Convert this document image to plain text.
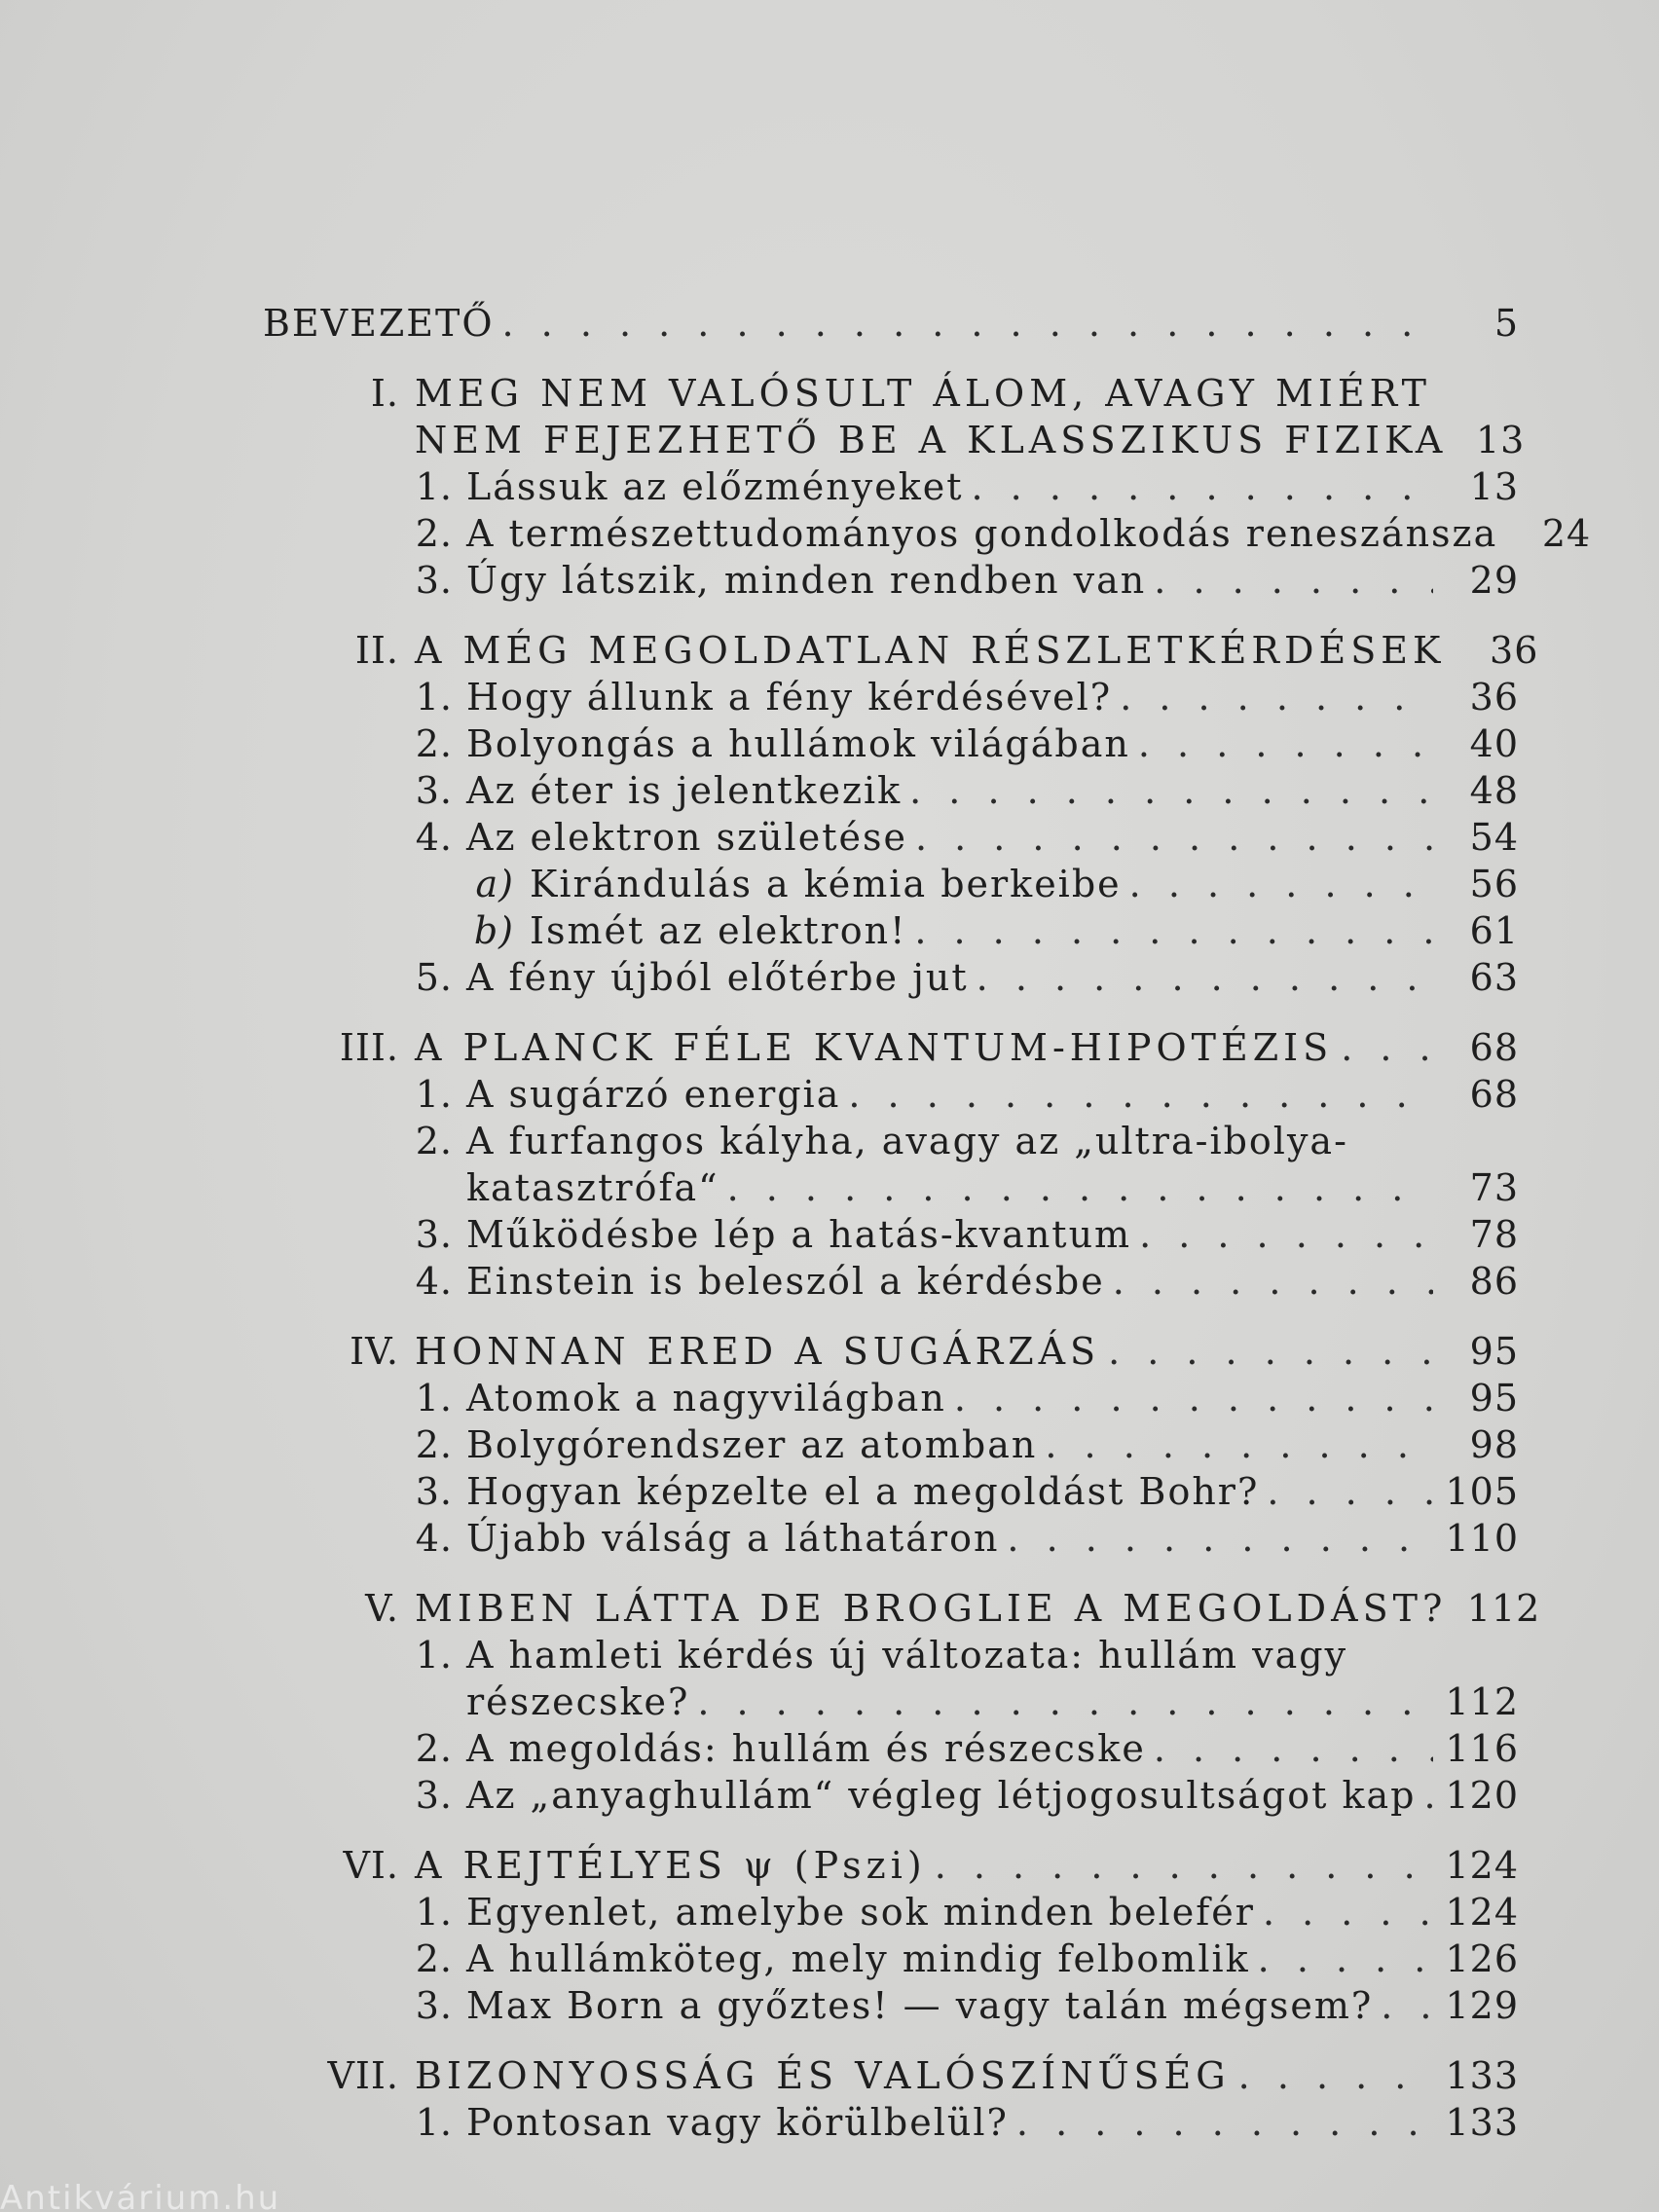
BEVEZETŐ . . .	5
I. MEG NEM VALÓSULT ÁLOM, AVAGY MIÉRT
NEM FEJEZHETŐ BE A KLASSZIKUS FIZIKA 13
1. Lássuk az előzményeket . . .	13
2. A természettudományos gondolkodás reneszánsza	24
3. Úgy látszik, minden rendben van . . .	29
II. A MÉG MEGOLDATLAN RÉSZLETKÉRDÉSEK	36
1. Hogy állunk a fény kérdésével? . . .	36
2. Bolyongás a hullámok világában . . .	40
3. Az éter is jelentkezik . . .	48
4. Az elektron születése . . .	54
a) Kirándulás a kémia berkeibe . . .	56
b) Ismét az elektron! . . .	61
5. A fény újból előtérbe jut . . .	63
III. A PLANCK FÉLE KVANTUM-HIPOTÉZIS . . .	68
1. A sugárzó energia . . .	68
2. A furfangos kályha, avagy az „ultra-ibolya-
katasztrófa“ . . .	73
3. Működésbe lép a hatás-kvantum . . .	78
4. Einstein is beleszól a kérdésbe . . .	86
IV. HONNAN ERED A SUGÁRZÁS . . .	95
1. Atomok a nagyvilágban . . .	95
2. Bolygórendszer az atomban . . .	98
3. Hogyan képzelte el a megoldást Bohr? . . .	105
4. Újabb válság a láthatáron . . .	110
V. MIBEN LÁTTA DE BROGLIE A MEGOLDÁST? 112
1. A hamleti kérdés új változata: hullám vagy
részecske? . . .	112
2. A megoldás: hullám és részecske . . .	116
3. Az „anyaghullám“ végleg létjogosultságot kap . . . 120
VI. A REJTÉLYES ψ (Pszi) . . .	124
1. Egyenlet, amelybe sok minden belefér . . .	124
2. A hullámköteg, mely mindig felbomlik . . .	126
3. Max Born a győztes! — vagy talán mégsem? . . . 129
VII. BIZONYOSSÁG ÉS VALÓSZÍNŰSÉG . . .	133
1. Pontosan vagy körülbelül? . . .	133
Antikvárium.hu
